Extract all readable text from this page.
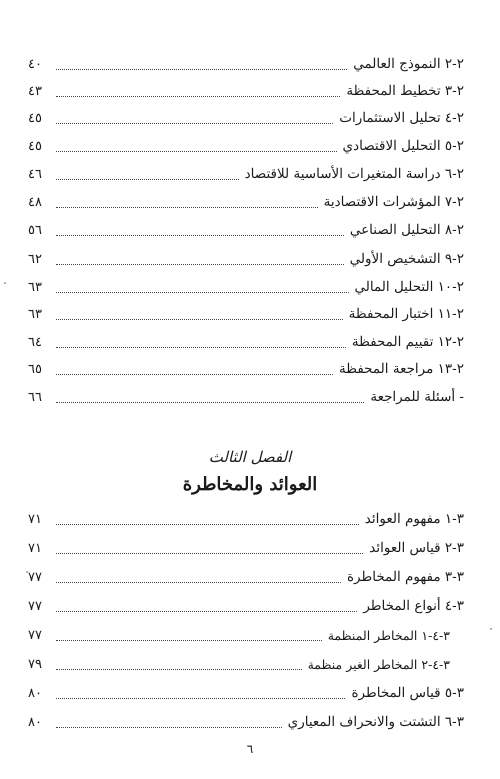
٢-٢ النموذج العالمي
٤٠
٢-٣ تخطيط المحفظة
٤٣
٢-٤ تحليل الاستثمارات
٤٥
٢-٥ التحليل الاقتصادي
٤٥
٢-٦ دراسة المتغيرات الأساسية للاقتصاد
٤٦
٢-٧ المؤشرات الاقتصادية
٤٨
٢-٨ التحليل الصناعي
٥٦
٢-٩ التشخيص الأولي
٦٢
٢-١٠ التحليل المالي
٦٣
٢-١١ اختبار المحفظة
٦٣
٢-١٢ تقييم المحفظة
٦٤
٢-١٣ مراجعة المحفظة
٦٥
- أسئلة للمراجعة
٦٦
الفصل الثالث
العوائد والمخاطرة
٣-١ مفهوم العوائد
٧١
٣-٢ قياس العوائد
٧١
٣-٣ مفهوم المخاطرة
٧٧
٣-٤ أنواع المخاطر
٧٧
٣-٤-١ المخاطر المنظمة
٧٧
٣-٤-٢ المخاطر الغير منظمة
٧٩
٣-٥ قياس المخاطرة
٨٠
٣-٦ التشتت والانحراف المعياري
٨٠
٦
